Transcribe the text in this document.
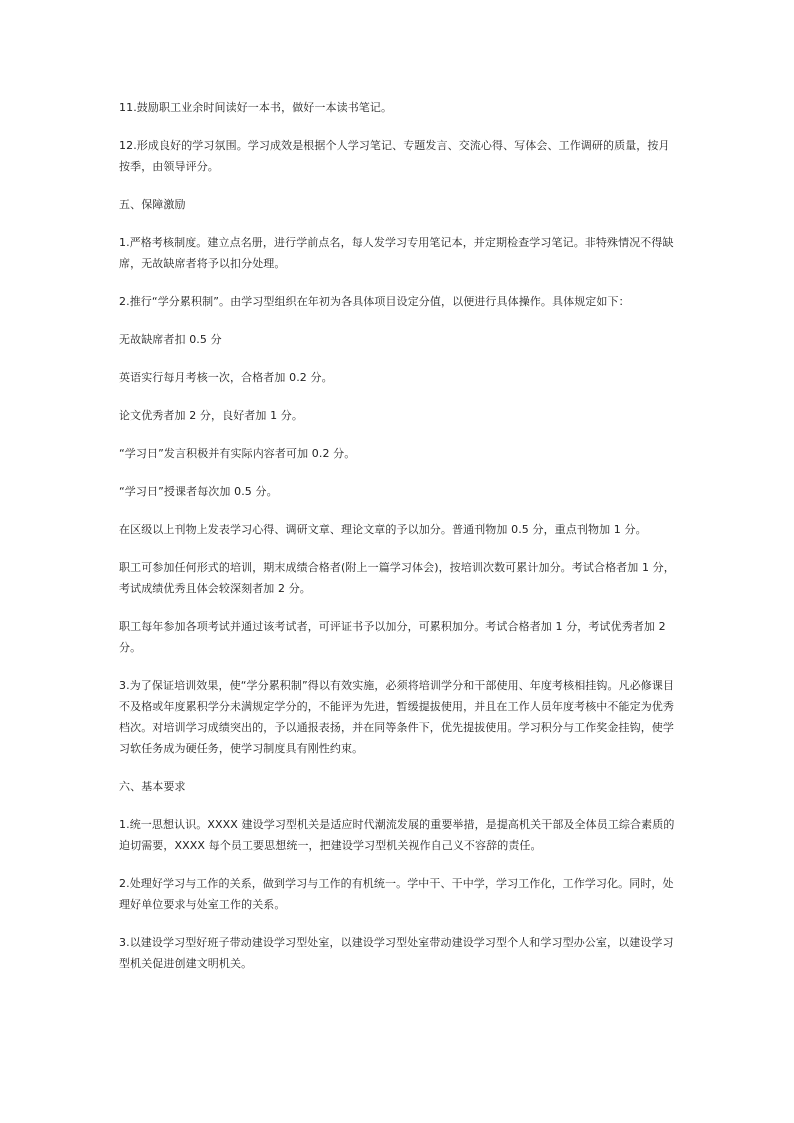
11.鼓励职工业余时间读好一本书，做好一本读书笔记。

12.形成良好的学习氛围。学习成效是根据个人学习笔记、专题发言、交流心得、写体会、工作调研的质量，按月按季，由领导评分。

五、保障激励

1.严格考核制度。建立点名册，进行学前点名，每人发学习专用笔记本，并定期检查学习笔记。非特殊情况不得缺席，无故缺席者将予以扣分处理。

2.推行“学分累积制”。由学习型组织在年初为各具体项目设定分值，以便进行具体操作。具体规定如下：

无故缺席者扣 0.5 分

英语实行每月考核一次，合格者加 0.2 分。

论文优秀者加 2 分，良好者加 1 分。

“学习日”发言积极并有实际内容者可加 0.2 分。

“学习日”授课者每次加 0.5 分。

在区级以上刊物上发表学习心得、调研文章、理论文章的予以加分。普通刊物加 0.5 分，重点刊物加 1 分。

职工可参加任何形式的培训，期末成绩合格者(附上一篇学习体会)，按培训次数可累计加分。考试合格者加 1 分，考试成绩优秀且体会较深刻者加 2 分。

职工每年参加各项考试并通过该考试者，可评证书予以加分，可累积加分。考试合格者加 1 分，考试优秀者加 2 分。

3.为了保证培训效果，使“学分累积制”得以有效实施，必须将培训学分和干部使用、年度考核相挂钩。凡必修课目不及格或年度累积学分未满规定学分的，不能评为先进，暂缓提拔使用，并且在工作人员年度考核中不能定为优秀档次。对培训学习成绩突出的，予以通报表扬，并在同等条件下，优先提拔使用。学习积分与工作奖金挂钩，使学习软任务成为硬任务，使学习制度具有刚性约束。

六、基本要求

1.统一思想认识。XXXX 建设学习型机关是适应时代潮流发展的重要举措，是提高机关干部及全体员工综合素质的迫切需要，XXXX 每个员工要思想统一，把建设学习型机关视作自己义不容辞的责任。

2.处理好学习与工作的关系，做到学习与工作的有机统一。学中干、干中学，学习工作化，工作学习化。同时，处理好单位要求与处室工作的关系。

3.以建设学习型好班子带动建设学习型处室，以建设学习型处室带动建设学习型个人和学习型办公室，以建设学习型机关促进创建文明机关。
